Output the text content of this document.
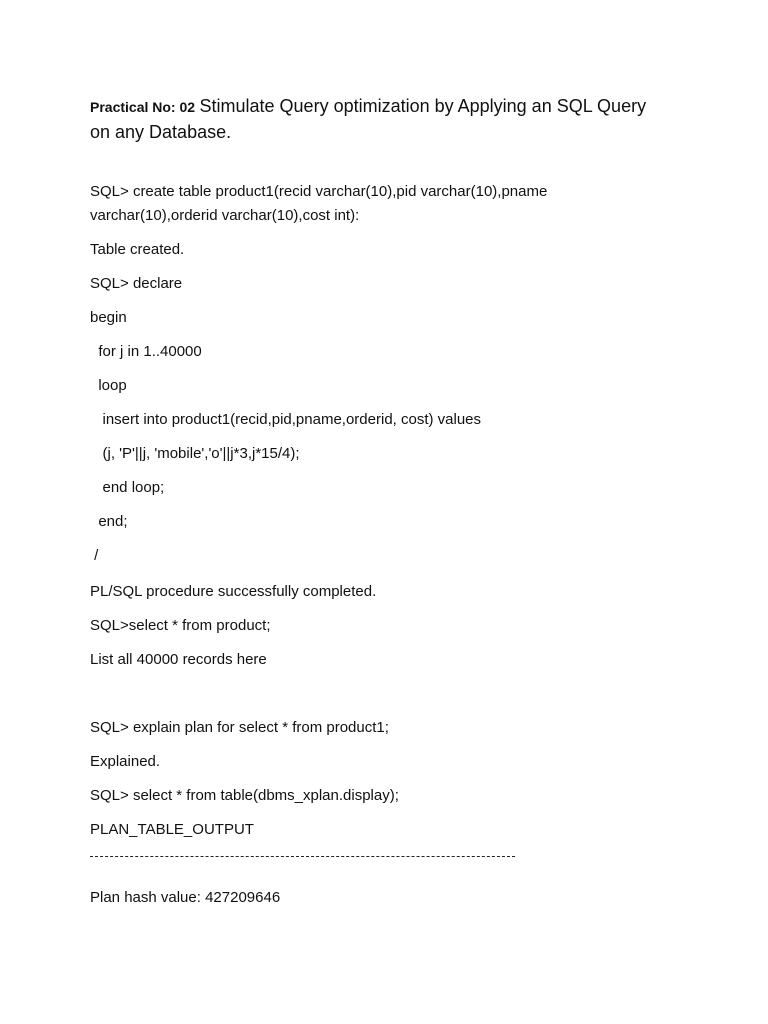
Practical No: 02 Stimulate Query optimization by Applying an SQL Query
on any Database.

SQL> create table product1(recid varchar(10),pid varchar(10),pname

varchar(10),orderid varchar(10),cost int):

Table created.

SQL> declare

begin

for j in 1..40000

loop

insert into product1(recid,pid,pname,orderid, cost) values

(j, 'P'||j, 'mobile','o'||j*3,j*15/4);

end loop;

end;

/

PL/SQL procedure successfully completed.

SQL>select * from product;

List all 40000 records here

SQL> explain plan for select * from product1;

Explained.

SQL> select * from table(dbms_xplan.display);

PLAN_TABLE_OUTPUT

Plan hash value: 427209646
